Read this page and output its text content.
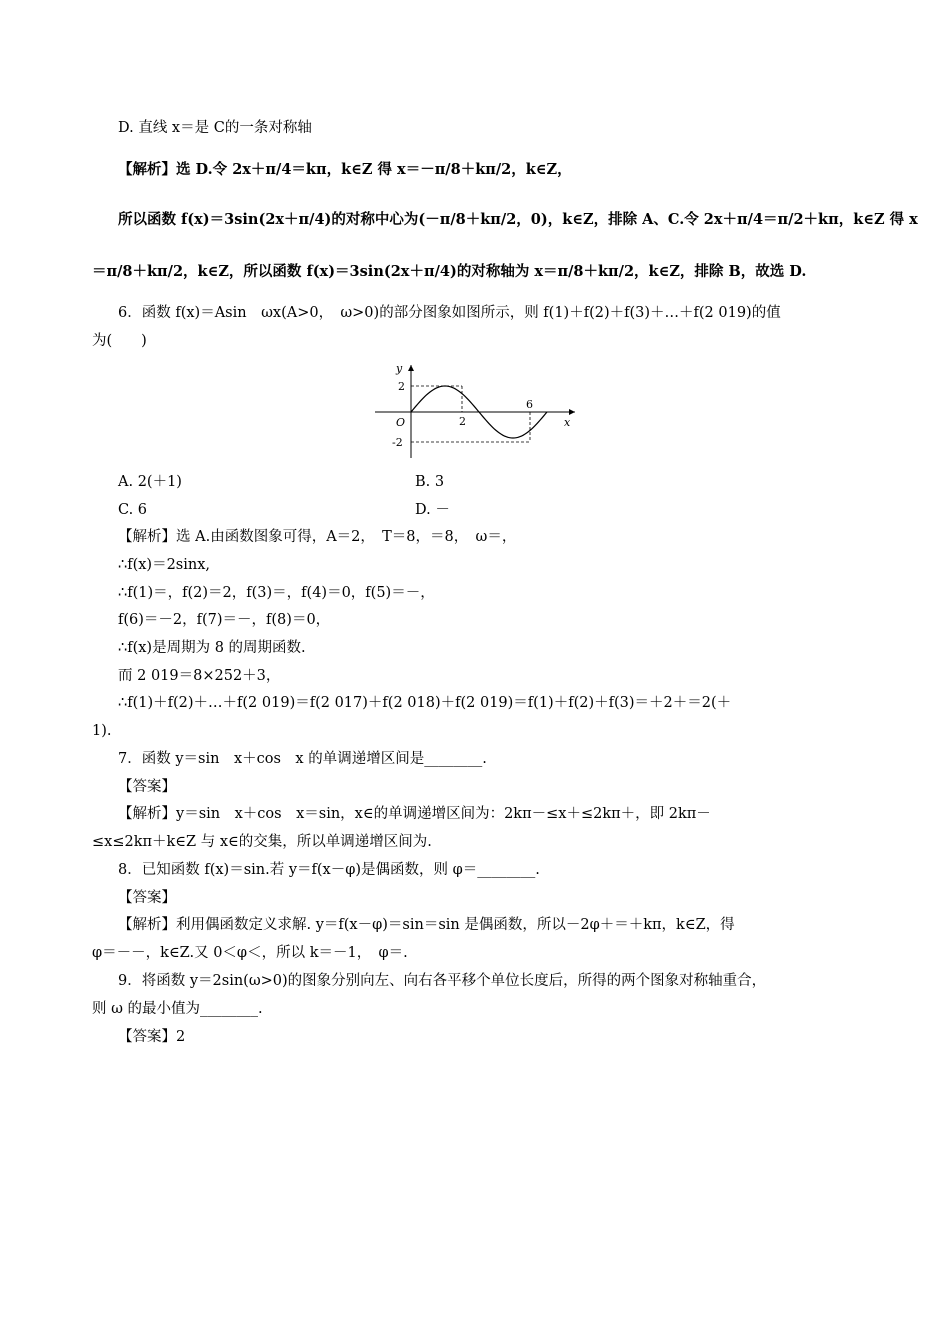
D. 直线 x＝是 C的一条对称轴
【解析】选 D.令 2x＋π/4＝kπ，k∈Z 得 x＝－π/8＋kπ/2，k∈Z，
所以函数 f(x)＝3sin(2x＋π/4)的对称中心为(－π/8＋kπ/2，0)，k∈Z，排除 A、C.令 2x＋π/4＝π/2＋kπ，k∈Z 得 x
＝π/8＋kπ/2，k∈Z，所以函数 f(x)＝3sin(2x＋π/4)的对称轴为 x＝π/8＋kπ/2，k∈Z，排除 B，故选 D.
6．函数 f(x)＝Asin　ωx(A>0，　ω>0)的部分图象如图所示，则 f(1)＋f(2)＋f(3)＋…＋f(2 019)的值
为(　　)
y
x
O
2
-2
2
6
A. 2(＋1)	B. 3
C. 6	D. －
【解析】选 A.由函数图象可得，A＝2，　T＝8，＝8，　ω＝，
∴f(x)＝2sinx,
∴f(1)＝，f(2)＝2，f(3)＝，f(4)＝0，f(5)＝－，
f(6)＝－2，f(7)＝－，f(8)＝0，
∴f(x)是周期为 8 的周期函数.
而 2 019＝8×252＋3，
∴f(1)＋f(2)＋…＋f(2 019)＝f(2 017)＋f(2 018)＋f(2 019)＝f(1)＋f(2)＋f(3)＝＋2＋＝2(＋
1).
7．函数 y＝sin　x＋cos　x 的单调递增区间是________.
【答案】
【解析】y＝sin　x＋cos　x＝sin，x∈的单调递增区间为：2kπ－≤x＋≤2kπ＋，即 2kπ－
≤x≤2kπ＋k∈Z 与 x∈的交集，所以单调递增区间为.
8．已知函数 f(x)＝sin.若 y＝f(x－φ)是偶函数，则 φ＝________.
【答案】
【解析】利用偶函数定义求解. y＝f(x－φ)＝sin＝sin 是偶函数，所以－2φ＋＝＋kπ，k∈Z，得
φ＝－－，k∈Z.又 0＜φ＜，所以 k＝－1，　φ＝.
9．将函数 y＝2sin(ω>0)的图象分别向左、向右各平移个单位长度后，所得的两个图象对称轴重合，
则 ω 的最小值为________.
【答案】2
